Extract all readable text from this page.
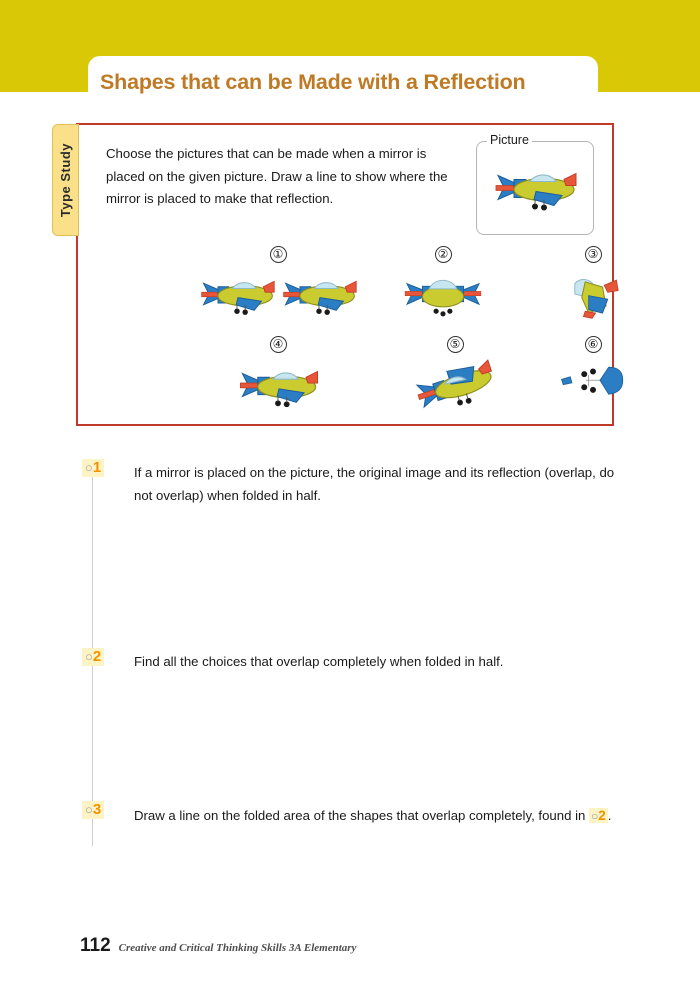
Shapes that can be Made with a Reflection
Type Study	Choose the pictures that can be made when a mirror is placed on the given picture. Draw a line to show where the mirror is placed to make that reflection.
Picture
①	②	③
④	⑤	⑥
○1 If a mirror is placed on the picture, the original image and its reflection (overlap, do not overlap) when folded in half.
○2 Find all the choices that overlap completely when folded in half.
○3 Draw a line on the folded area of the shapes that overlap completely, found in ○2 .
112 Creative and Critical Thinking Skills 3A Elementary
